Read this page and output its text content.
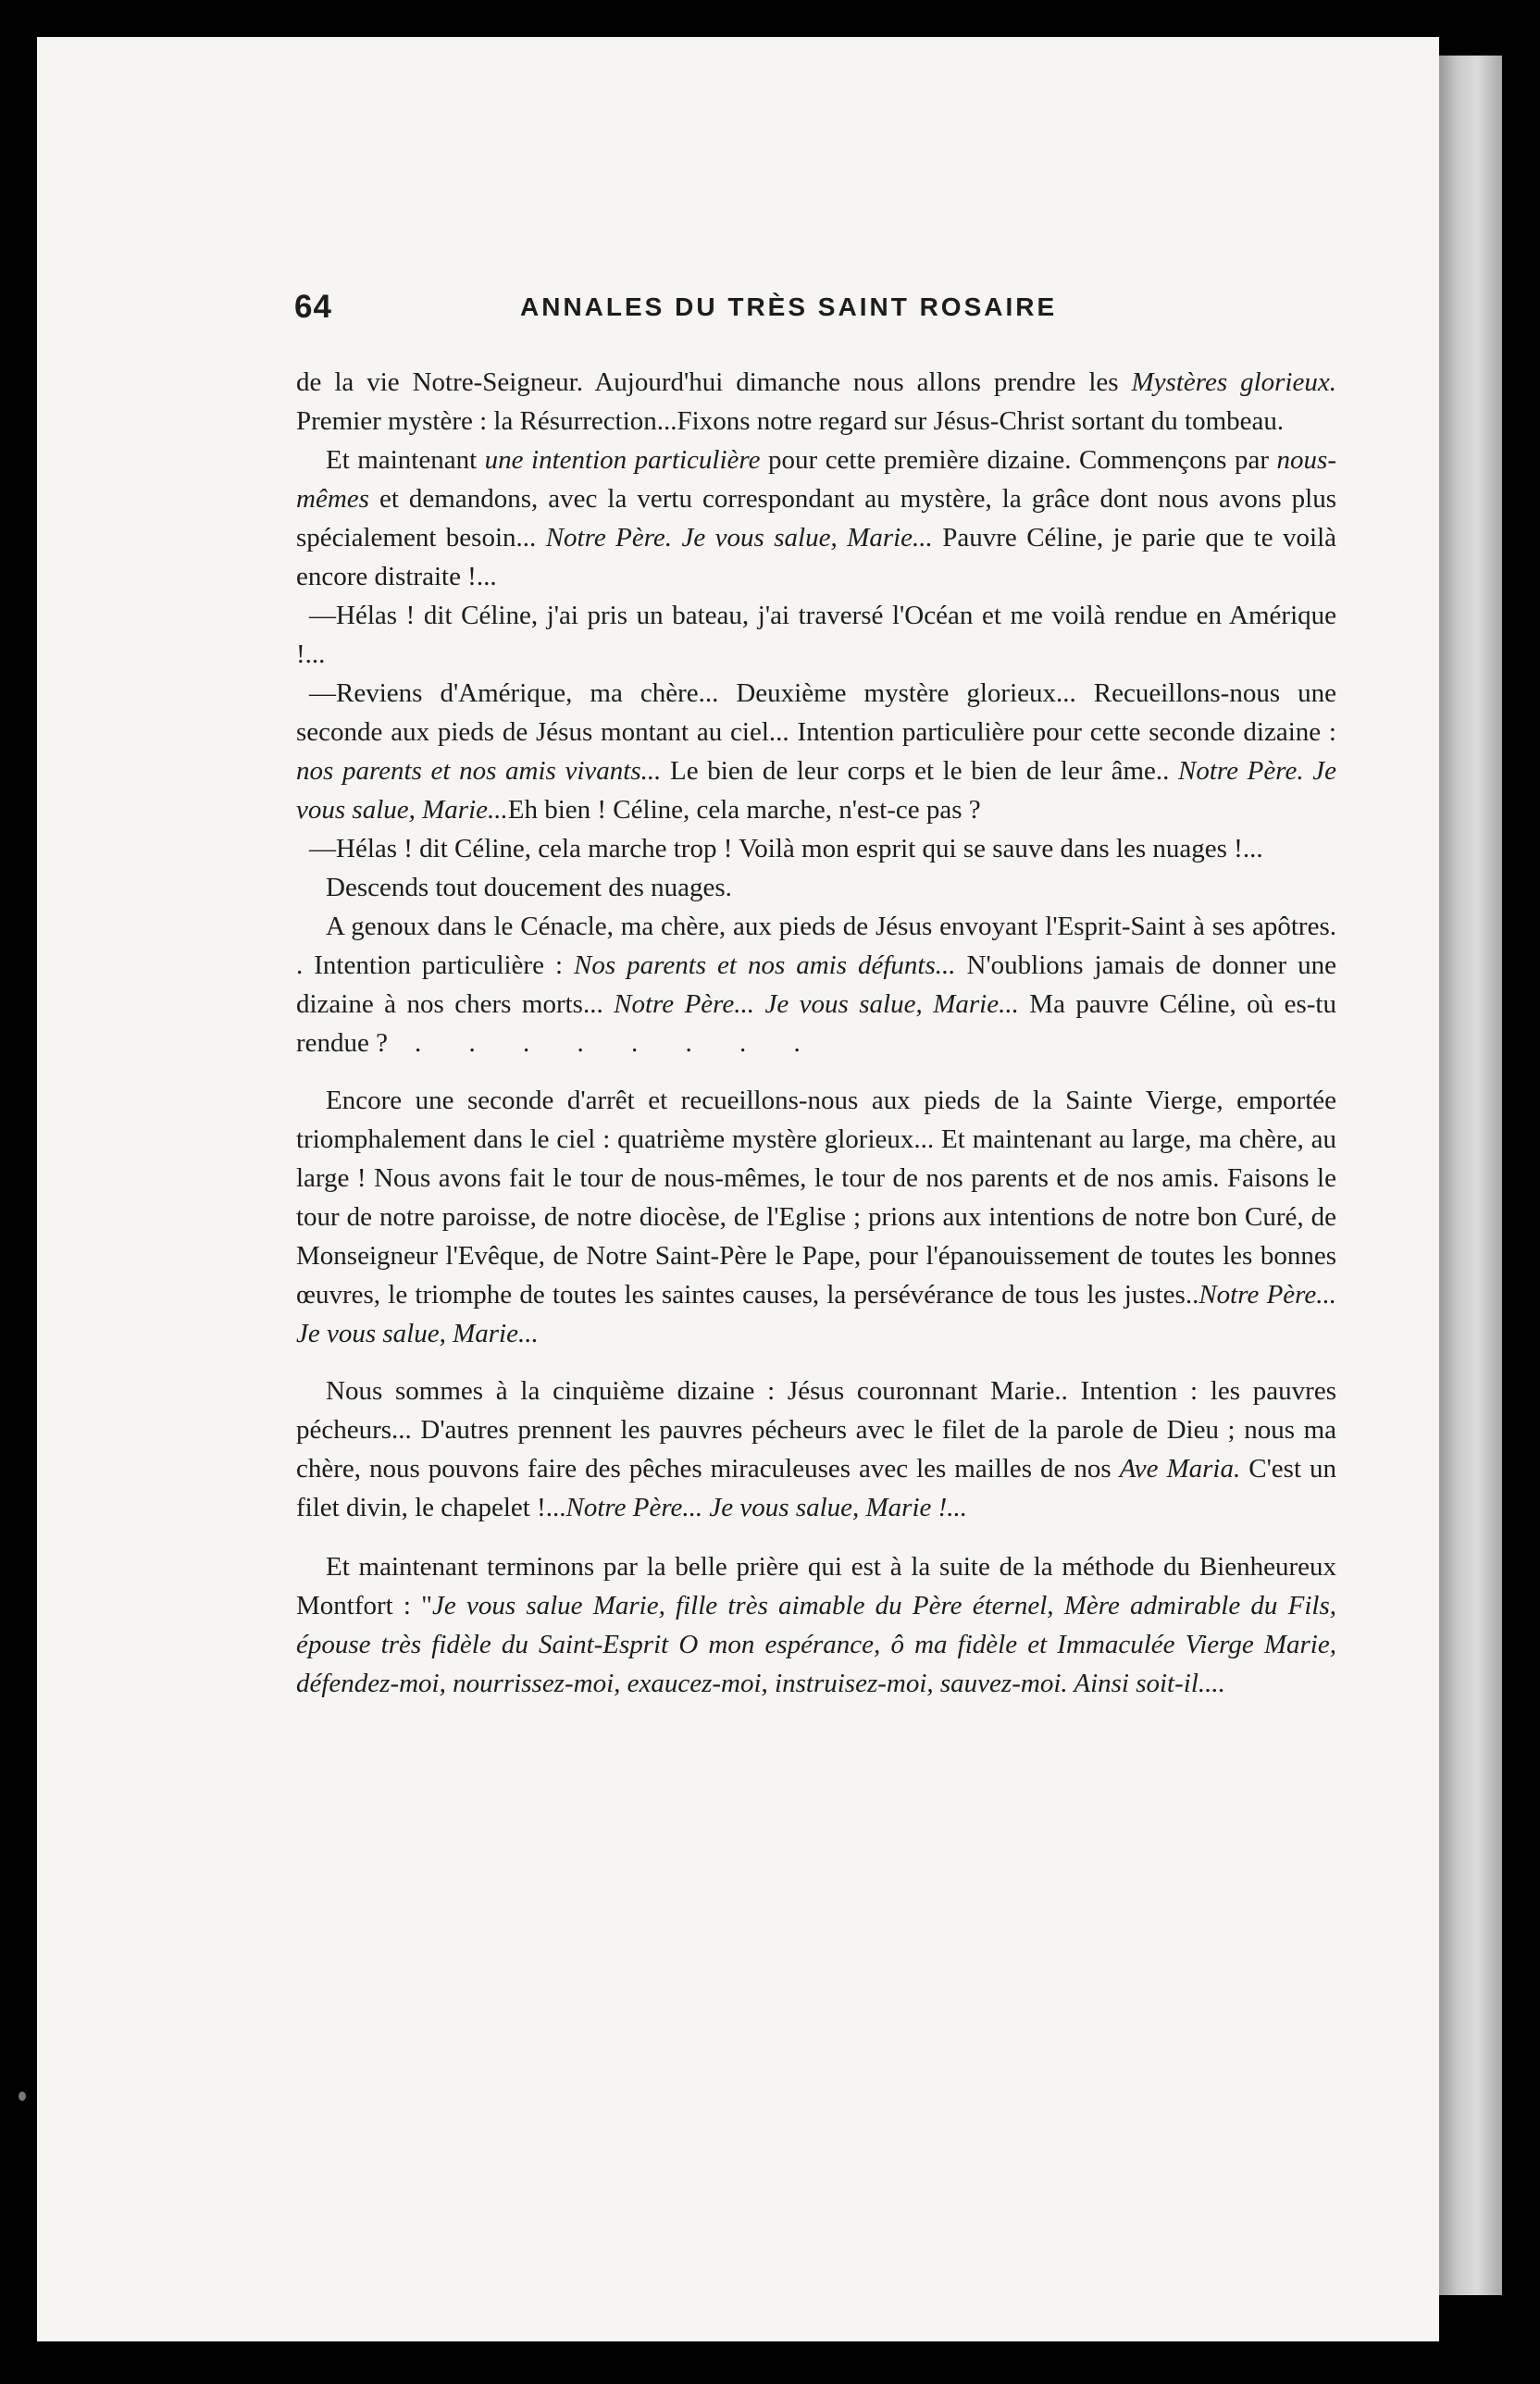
64	ANNALES DU TRÈS SAINT ROSAIRE

de la vie Notre-Seigneur. Aujourd'hui dimanche nous allons prendre les Mystères glorieux. Premier mystère : la Résurrection...Fixons notre regard sur Jésus-Christ sortant du tombeau.

Et maintenant une intention particulière pour cette première dizaine. Commençons par nous-mêmes et demandons, avec la vertu correspondant au mystère, la grâce dont nous avons plus spécialement besoin... Notre Père. Je vous salue, Marie... Pauvre Céline, je parie que te voilà encore distraite !...

—Hélas ! dit Céline, j'ai pris un bateau, j'ai traversé l'Océan et me voilà rendue en Amérique !...

—Reviens d'Amérique, ma chère... Deuxième mystère glorieux... Recueillons-nous une seconde aux pieds de Jésus montant au ciel... Intention particulière pour cette seconde dizaine : nos parents et nos amis vivants... Le bien de leur corps et le bien de leur âme.. Notre Père. Je vous salue, Marie...Eh bien ! Céline, cela marche, n'est-ce pas ?

—Hélas ! dit Céline, cela marche trop ! Voilà mon esprit qui se sauve dans les nuages !...

Descends tout doucement des nuages.

A genoux dans le Cénacle, ma chère, aux pieds de Jésus envoyant l'Esprit-Saint à ses apôtres. . Intention particulière : Nos parents et nos amis défunts... N'oublions jamais de donner une dizaine à nos chers morts... Notre Père... Je vous salue, Marie... Ma pauvre Céline, où es-tu rendue ? . . . . . . . .

Encore une seconde d'arrêt et recueillons-nous aux pieds de la Sainte Vierge, emportée triomphalement dans le ciel : quatrième mystère glorieux... Et maintenant au large, ma chère, au large ! Nous avons fait le tour de nous-mêmes, le tour de nos parents et de nos amis. Faisons le tour de notre paroisse, de notre diocèse, de l'Eglise ; prions aux intentions de notre bon Curé, de Monseigneur l'Evêque, de Notre Saint-Père le Pape, pour l'épanouissement de toutes les bonnes œuvres, le triomphe de toutes les saintes causes, la persévérance de tous les justes..Notre Père... Je vous salue, Marie...

Nous sommes à la cinquième dizaine : Jésus couronnant Marie.. Intention : les pauvres pécheurs... D'autres prennent les pauvres pécheurs avec le filet de la parole de Dieu ; nous ma chère, nous pouvons faire des pêches miraculeuses avec les mailles de nos Ave Maria. C'est un filet divin, le chapelet !...Notre Père... Je vous salue, Marie !...

Et maintenant terminons par la belle prière qui est à la suite de la méthode du Bienheureux Montfort : "Je vous salue Marie, fille très aimable du Père éternel, Mère admirable du Fils, épouse très fidèle du Saint-Esprit O mon espérance, ô ma fidèle et Immaculée Vierge Marie, défendez-moi, nourrissez-moi, exaucez-moi, instruisez-moi, sauvez-moi. Ainsi soit-il....
